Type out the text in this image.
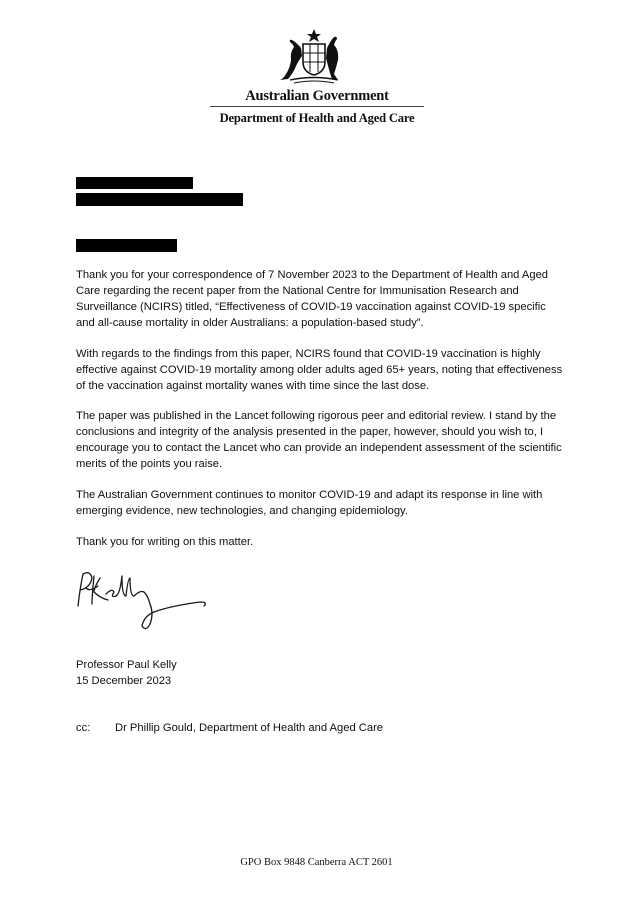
Australian Government
Department of Health and Aged Care

Thank you for your correspondence of 7 November 2023 to the Department of Health and Aged Care regarding the recent paper from the National Centre for Immunisation Research and Surveillance (NCIRS) titled, “Effectiveness of COVID-19 vaccination against COVID-19 specific and all-cause mortality in older Australians: a population-based study”.

With regards to the findings from this paper, NCIRS found that COVID-19 vaccination is highly effective against COVID-19 mortality among older adults aged 65+ years, noting that effectiveness of the vaccination against mortality wanes with time since the last dose.

The paper was published in the Lancet following rigorous peer and editorial review. I stand by the conclusions and integrity of the analysis presented in the paper, however, should you wish to, I encourage you to contact the Lancet who can provide an independent assessment of the scientific merits of the points you raise.

The Australian Government continues to monitor COVID-19 and adapt its response in line with emerging evidence, new technologies, and changing epidemiology.

Thank you for writing on this matter.

Professor Paul Kelly
15 December 2023
cc: Dr Phillip Gould, Department of Health and Aged Care
GPO Box 9848 Canberra ACT 2601
